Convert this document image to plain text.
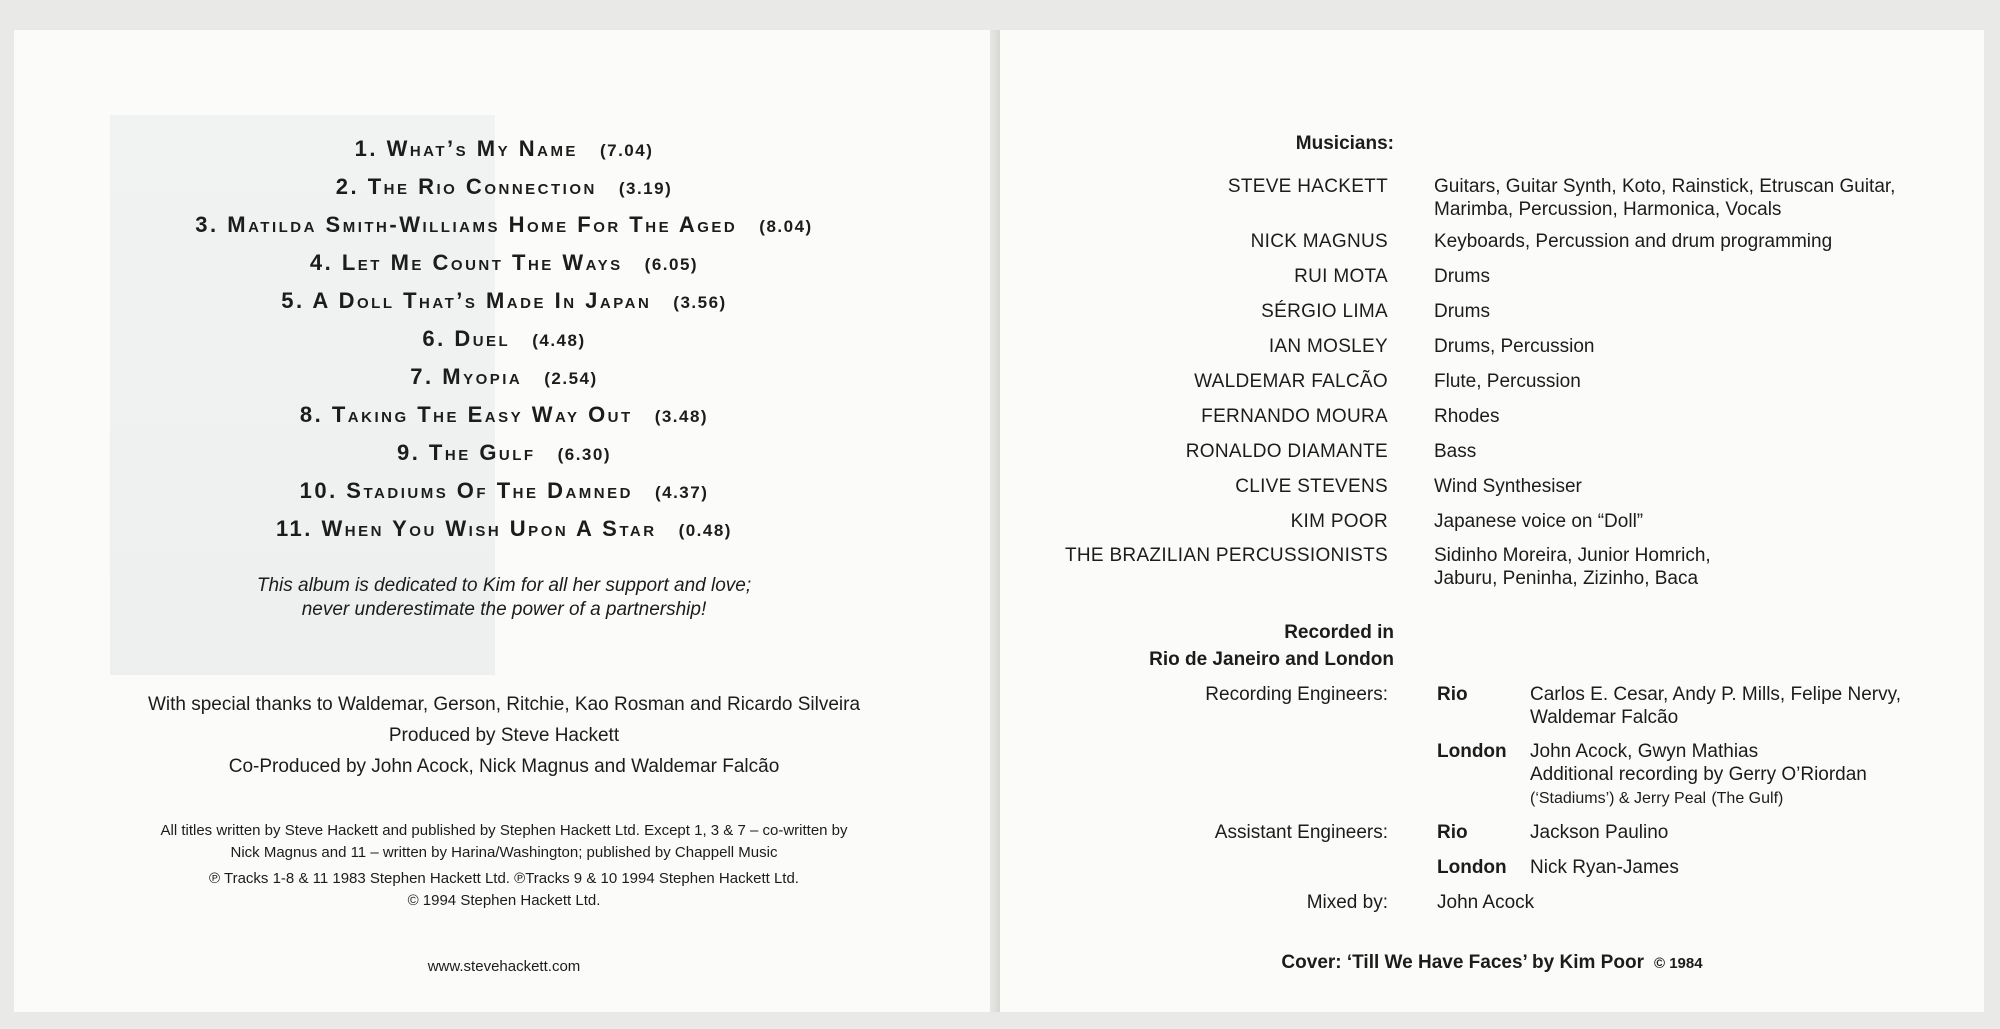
1. What’s My Name (7.04)
2. The Rio Connection (3.19)
3. Matilda Smith-Williams Home For The Aged (8.04)
4. Let Me Count The Ways (6.05)
5. A Doll That’s Made In Japan (3.56)
6. Duel (4.48)
7. Myopia (2.54)
8. Taking The Easy Way Out (3.48)
9. The Gulf (6.30)
10. Stadiums Of The Damned (4.37)
11. When You Wish Upon A Star (0.48)
This album is dedicated to Kim for all her support and love;
never underestimate the power of a partnership!
With special thanks to Waldemar, Gerson, Ritchie, Kao Rosman and Ricardo Silveira
Produced by Steve Hackett
Co-Produced by John Acock, Nick Magnus and Waldemar Falcão
All titles written by Steve Hackett and published by Stephen Hackett Ltd. Except 1, 3 & 7 – co-written by
Nick Magnus and 11 – written by Harina/Washington; published by Chappell Music
℗ Tracks 1-8 & 11 1983 Stephen Hackett Ltd. ℗Tracks 9 & 10 1994 Stephen Hackett Ltd.
© 1994 Stephen Hackett Ltd.
www.stevehackett.com
Musicians:
STEVE HACKETT Guitars, Guitar Synth, Koto, Rainstick, Etruscan Guitar,
Marimba, Percussion, Harmonica, Vocals
NICK MAGNUS Keyboards, Percussion and drum programming
RUI MOTA Drums
SÉRGIO LIMA Drums
IAN MOSLEY Drums, Percussion
WALDEMAR FALCÃO Flute, Percussion
FERNANDO MOURA Rhodes
RONALDO DIAMANTE Bass
CLIVE STEVENS Wind Synthesiser
KIM POOR Japanese voice on “Doll”
THE BRAZILIAN PERCUSSIONISTS Sidinho Moreira, Junior Homrich,
Jaburu, Peninha, Zizinho, Baca
Recorded in
Rio de Janeiro and London
Recording Engineers:	Rio	Carlos E. Cesar, Andy P. Mills, Felipe Nervy,
Waldemar Falcão
London John Acock, Gwyn Mathias
Additional recording by Gerry O’Riordan
(‘Stadiums’) & Jerry Peal (The Gulf)
Assistant Engineers:	Rio	Jackson Paulino
London Nick Ryan-James
Mixed by:	John Acock
Cover: ‘Till We Have Faces’ by Kim Poor © 1984
